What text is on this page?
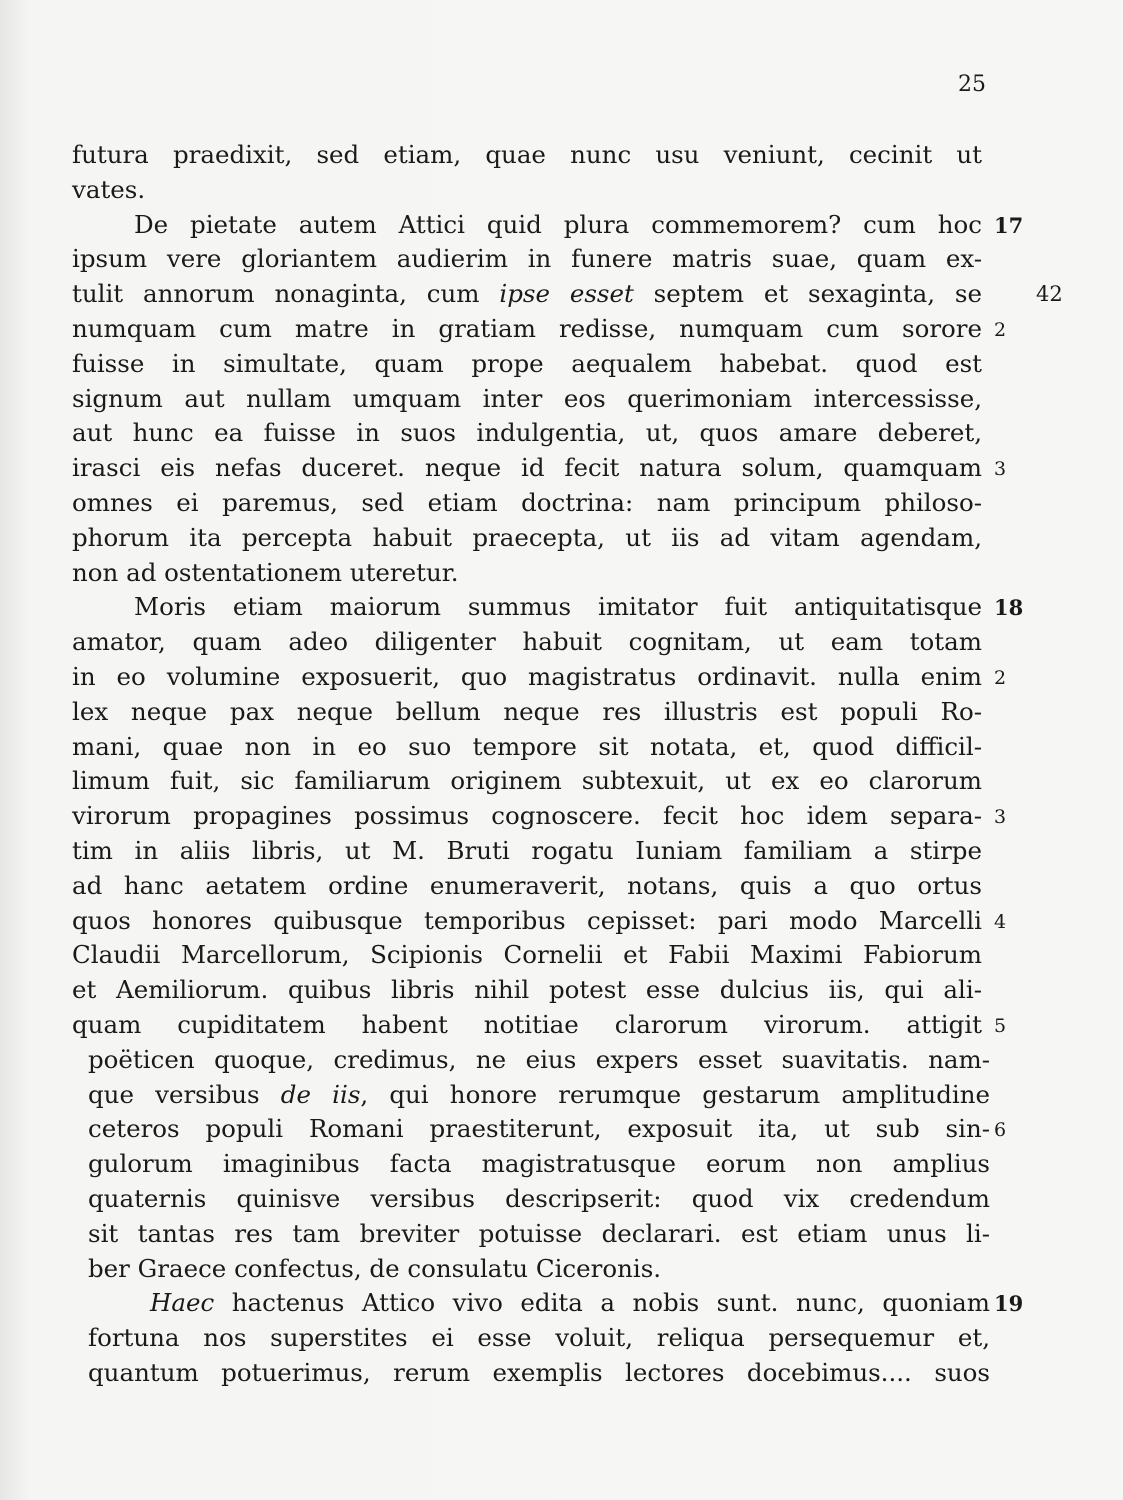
25
futura praedixit, sed etiam, quae nunc usu veniunt, cecinit ut
vates.
De pietate autem Attici quid plura commemorem? cum hoc 17
ipsum vere gloriantem audierim in funere matris suae, quam ex-
tulit annorum nonaginta, cum ipse esset septem et sexaginta, se	42
numquam cum matre in gratiam redisse, numquam cum sorore 2
fuisse in simultate, quam prope aequalem habebat. quod est
signum aut nullam umquam inter eos querimoniam intercessisse,
aut hunc ea fuisse in suos indulgentia, ut, quos amare deberet,
irasci eis nefas duceret. neque id fecit natura solum, quamquam 3
omnes ei paremus, sed etiam doctrina: nam principum philoso-
phorum ita percepta habuit praecepta, ut iis ad vitam agendam,
non ad ostentationem uteretur.
Moris etiam maiorum summus imitator fuit antiquitatisque 18
amator, quam adeo diligenter habuit cognitam, ut eam totam
in eo volumine exposuerit, quo magistratus ordinavit. nulla enim 2
lex neque pax neque bellum neque res illustris est populi Ro-
mani, quae non in eo suo tempore sit notata, et, quod difficil-
limum fuit, sic familiarum originem subtexuit, ut ex eo clarorum
virorum propagines possimus cognoscere. fecit hoc idem separa- 3
tim in aliis libris, ut M. Bruti rogatu Iuniam familiam a stirpe
ad hanc aetatem ordine enumeraverit, notans, quis a quo ortus
quos honores quibusque temporibus cepisset: pari modo Marcelli 4
Claudii Marcellorum, Scipionis Cornelii et Fabii Maximi Fabiorum
et Aemiliorum. quibus libris nihil potest esse dulcius iis, qui ali-
quam cupiditatem habent notitiae clarorum virorum. attigit 5
poëticen quoque, credimus, ne eius expers esset suavitatis. nam-
que versibus de iis, qui honore rerumque gestarum amplitudine
ceteros populi Romani praestiterunt, exposuit ita, ut sub sin- 6
gulorum imaginibus facta magistratusque eorum non amplius
quaternis quinisve versibus descripserit: quod vix credendum
sit tantas res tam breviter potuisse declarari. est etiam unus li-
ber Graece confectus, de consulatu Ciceronis.
Haec hactenus Attico vivo edita a nobis sunt. nunc, quoniam 19
fortuna nos superstites ei esse voluit, reliqua persequemur et,
quantum potuerimus, rerum exemplis lectores docebimus.... suos
